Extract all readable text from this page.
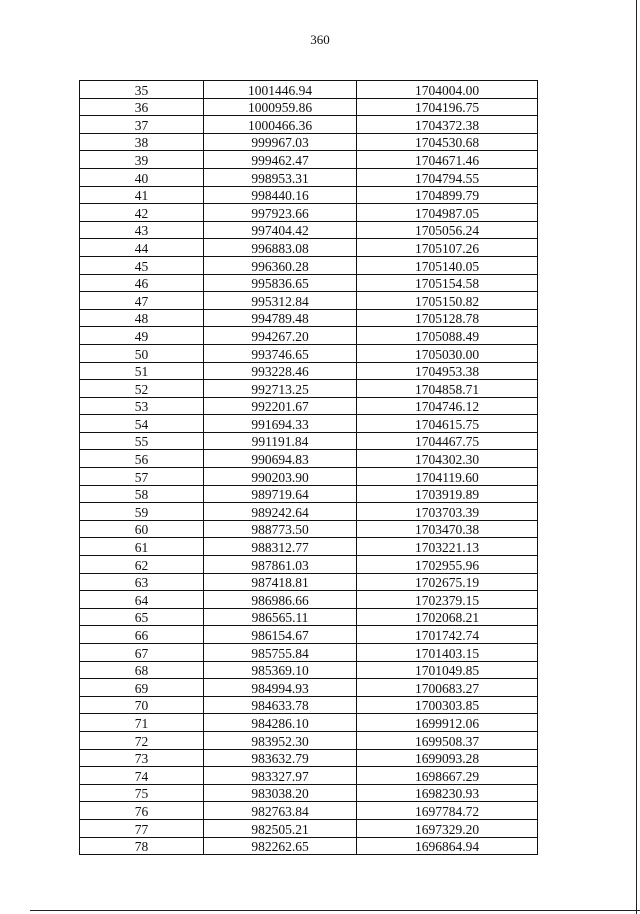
360
35	1001446.94	1704004.00
36	1000959.86	1704196.75
37	1000466.36	1704372.38
38	999967.03	1704530.68
39	999462.47	1704671.46
40	998953.31	1704794.55
41	998440.16	1704899.79
42	997923.66	1704987.05
43	997404.42	1705056.24
44	996883.08	1705107.26
45	996360.28	1705140.05
46	995836.65	1705154.58
47	995312.84	1705150.82
48	994789.48	1705128.78
49	994267.20	1705088.49
50	993746.65	1705030.00
51	993228.46	1704953.38
52	992713.25	1704858.71
53	992201.67	1704746.12
54	991694.33	1704615.75
55	991191.84	1704467.75
56	990694.83	1704302.30
57	990203.90	1704119.60
58	989719.64	1703919.89
59	989242.64	1703703.39
60	988773.50	1703470.38
61	988312.77	1703221.13
62	987861.03	1702955.96
63	987418.81	1702675.19
64	986986.66	1702379.15
65	986565.11	1702068.21
66	986154.67	1701742.74
67	985755.84	1701403.15
68	985369.10	1701049.85
69	984994.93	1700683.27
70	984633.78	1700303.85
71	984286.10	1699912.06
72	983952.30	1699508.37
73	983632.79	1699093.28
74	983327.97	1698667.29
75	983038.20	1698230.93
76	982763.84	1697784.72
77	982505.21	1697329.20
78	982262.65	1696864.94
